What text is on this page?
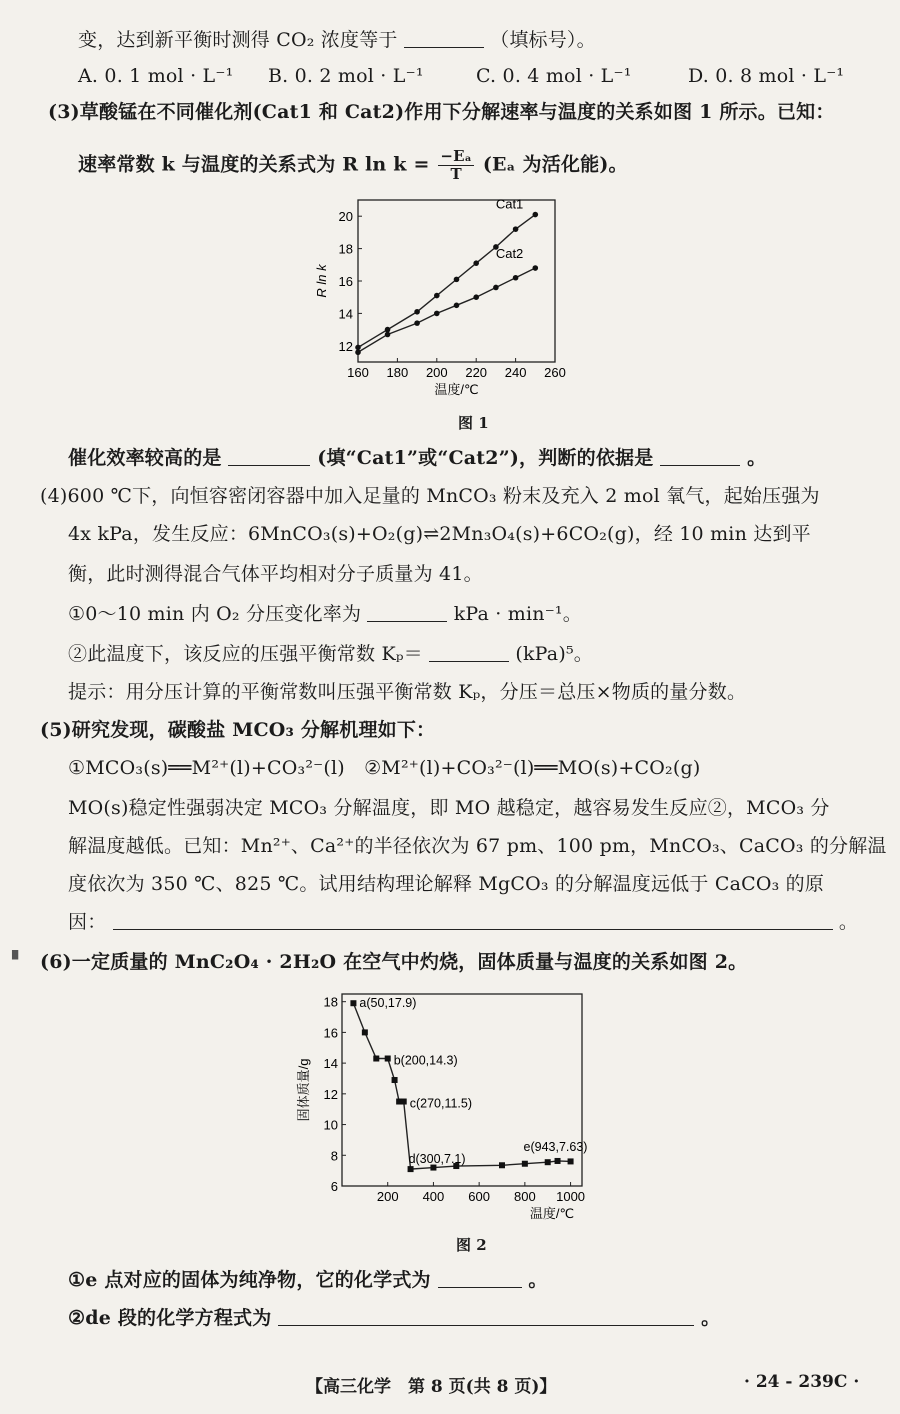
变，达到新平衡时测得 CO₂ 浓度等于	（填标号）。
A. 0. 1 mol · L⁻¹ B. 0. 2 mol · L⁻¹	C. 0. 4 mol · L⁻¹	D. 0. 8 mol · L⁻¹
(3)草酸锰在不同催化剂(Cat1 和 Cat2)作用下分解速率与温度的关系如图 1 所示。已知：
速率常数 k 与温度的关系式为 R $\ln k = \frac{\text{−Eₐ}}{T} (E_a$ 为活化能)。
160 180 200 220 240 260
12
14
16
18
20
温度/℃
R ln k
Cat1
Cat2
图 1
催化效率较高的是	(填“Cat1”或“Cat2”)，判断的依据是	。
(4)600 ℃下，向恒容密闭容器中加入足量的 MnCO₃ 粉末及充入 2 mol 氧气，起始压强为
4x kPa，发生反应：6MnCO₃(s)+O₂(g)⇌2Mn₃O₄(s)+6CO₂(g)，经 10 min 达到平
衡，此时测得混合气体平均相对分子质量为 41。
①0～10 min 内 O₂ 分压变化率为	kPa · min⁻¹。
②此温度下，该反应的压强平衡常数 Kₚ＝	(kPa)⁵。
提示：用分压计算的平衡常数叫压强平衡常数 Kₚ，分压＝总压×物质的量分数。
(5)研究发现，碳酸盐 MCO₃ 分解机理如下：
①MCO₃(s)══M²⁺(l)+CO₃²⁻(l)　②M²⁺(l)+CO₃²⁻(l)══MO(s)+CO₂(g)
MO(s)稳定性强弱决定 MCO₃ 分解温度，即 MO 越稳定，越容易发生反应②，MCO₃ 分
解温度越低。已知：Mn²⁺、Ca²⁺的半径依次为 67 pm、100 pm，MnCO₃、CaCO₃ 的分解温
度依次为 350 ℃、825 ℃。试用结构理论解释 MgCO₃ 的分解温度远低于 CaCO₃ 的原
因：	。
▘ (6)一定质量的 MnC₂O₄ · 2H₂O 在空气中灼烧，固体质量与温度的关系如图 2。
200 400 600 800 1000
6
8
10
12
14
16
18
温度/℃
固体质量/g
a(50,17.9)
b(200,14.3)
c(270,11.5)
d(300,7.1)
e(943,7.63)
图 2
①e 点对应的固体为纯净物，它的化学式为	。
②de 段的化学方程式为	。
【高三化学　第 8 页(共 8 页)】	· 24 - 239C ·
